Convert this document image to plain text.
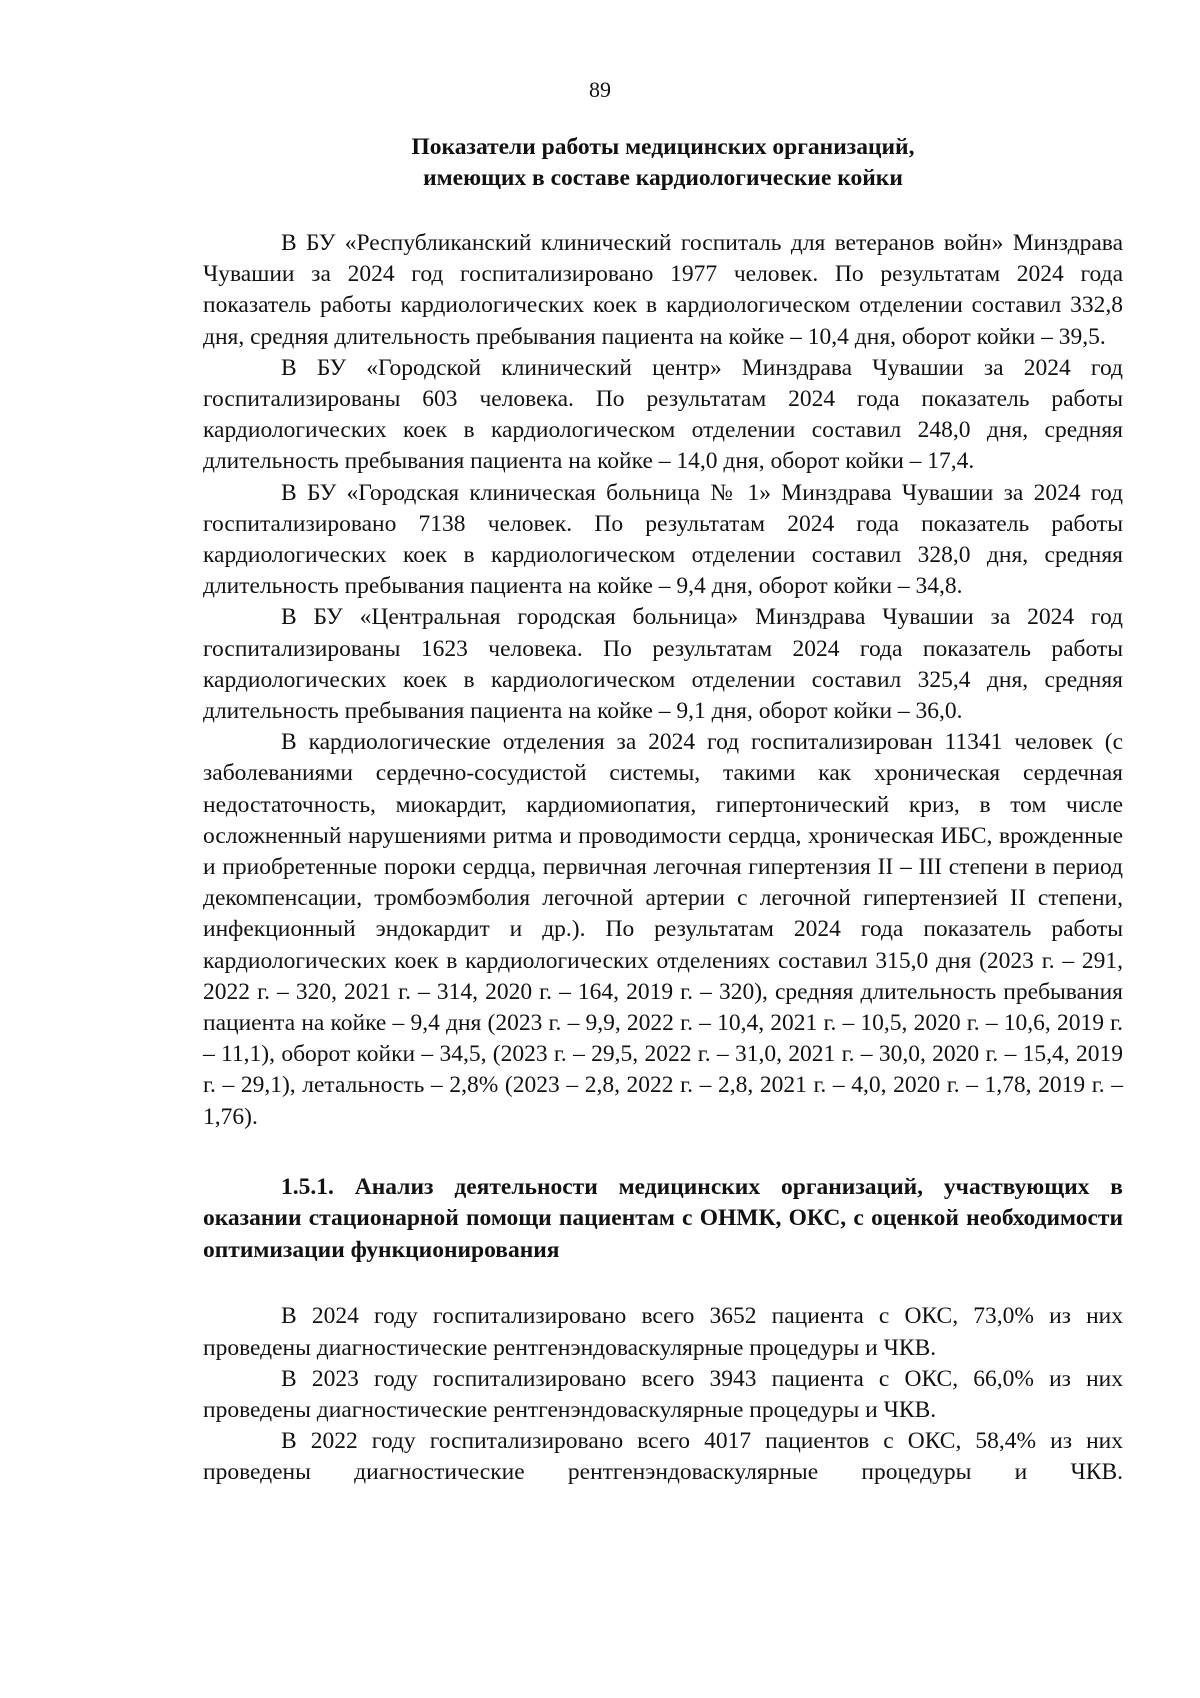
89
Показатели работы медицинских организаций,
имеющих в составе кардиологические койки

В БУ «Республиканский клинический госпиталь для ветеранов войн» Минздрава Чувашии за 2024 год госпитализировано 1977 человек. По результатам 2024 года показатель работы кардиологических коек в кардиологическом отделении составил 332,8 дня, средняя длительность пребывания пациента на койке – 10,4 дня, оборот койки – 39,5.

В БУ «Городской клинический центр» Минздрава Чувашии за 2024 год госпитализированы 603 человека. По результатам 2024 года показатель работы кардиологических коек в кардиологическом отделении составил 248,0 дня, средняя длительность пребывания пациента на койке – 14,0 дня, оборот койки – 17,4.

В БУ «Городская клиническая больница № 1» Минздрава Чувашии за 2024 год госпитализировано 7138 человек. По результатам 2024 года показатель работы кардиологических коек в кардиологическом отделении составил 328,0 дня, средняя длительность пребывания пациента на койке – 9,4 дня, оборот койки – 34,8.

В БУ «Центральная городская больница» Минздрава Чувашии за 2024 год госпитализированы 1623 человека. По результатам 2024 года показатель работы кардиологических коек в кардиологическом отделении составил 325,4 дня, средняя длительность пребывания пациента на койке – 9,1 дня, оборот койки – 36,0.

В кардиологические отделения за 2024 год госпитализирован 11341 человек (с заболеваниями сердечно-сосудистой системы, такими как хроническая сердечная недостаточность, миокардит, кардиомиопатия, гипертонический криз, в том числе осложненный нарушениями ритма и проводимости сердца, хроническая ИБС, врожденные и приобретенные пороки сердца, первичная легочная гипертензия II – III степени в период декомпенсации, тромбоэмболия легочной артерии с легочной гипертензией II степени, инфекционный эндокардит и др.). По результатам 2024 года показатель работы кардиологических коек в кардиологических отделениях составил 315,0 дня (2023 г. – 291, 2022 г. – 320, 2021 г. – 314, 2020 г. – 164, 2019 г. – 320), средняя длительность пребывания пациента на койке – 9,4 дня (2023 г. – 9,9, 2022 г. – 10,4, 2021 г. – 10,5, 2020 г. – 10,6, 2019 г. – 11,1), оборот койки – 34,5, (2023 г. – 29,5, 2022 г. – 31,0, 2021 г. – 30,0, 2020 г. – 15,4, 2019 г. – 29,1), летальность – 2,8% (2023 – 2,8, 2022 г. – 2,8, 2021 г. – 4,0, 2020 г. – 1,78, 2019 г. – 1,76).

1.5.1. Анализ деятельности медицинских организаций, участвующих в оказании стационарной помощи пациентам с ОНМК, ОКС, с оценкой необходимости оптимизации функционирования

В 2024 году госпитализировано всего 3652 пациента с ОКС, 73,0% из них проведены диагностические рентгенэндоваскулярные процедуры и ЧКВ.

В 2023 году госпитализировано всего 3943 пациента с ОКС, 66,0% из них проведены диагностические рентгенэндоваскулярные процедуры и ЧКВ.

В 2022 году госпитализировано всего 4017 пациентов с ОКС, 58,4% из них проведены диагностические рентгенэндоваскулярные процедуры и ЧКВ.
